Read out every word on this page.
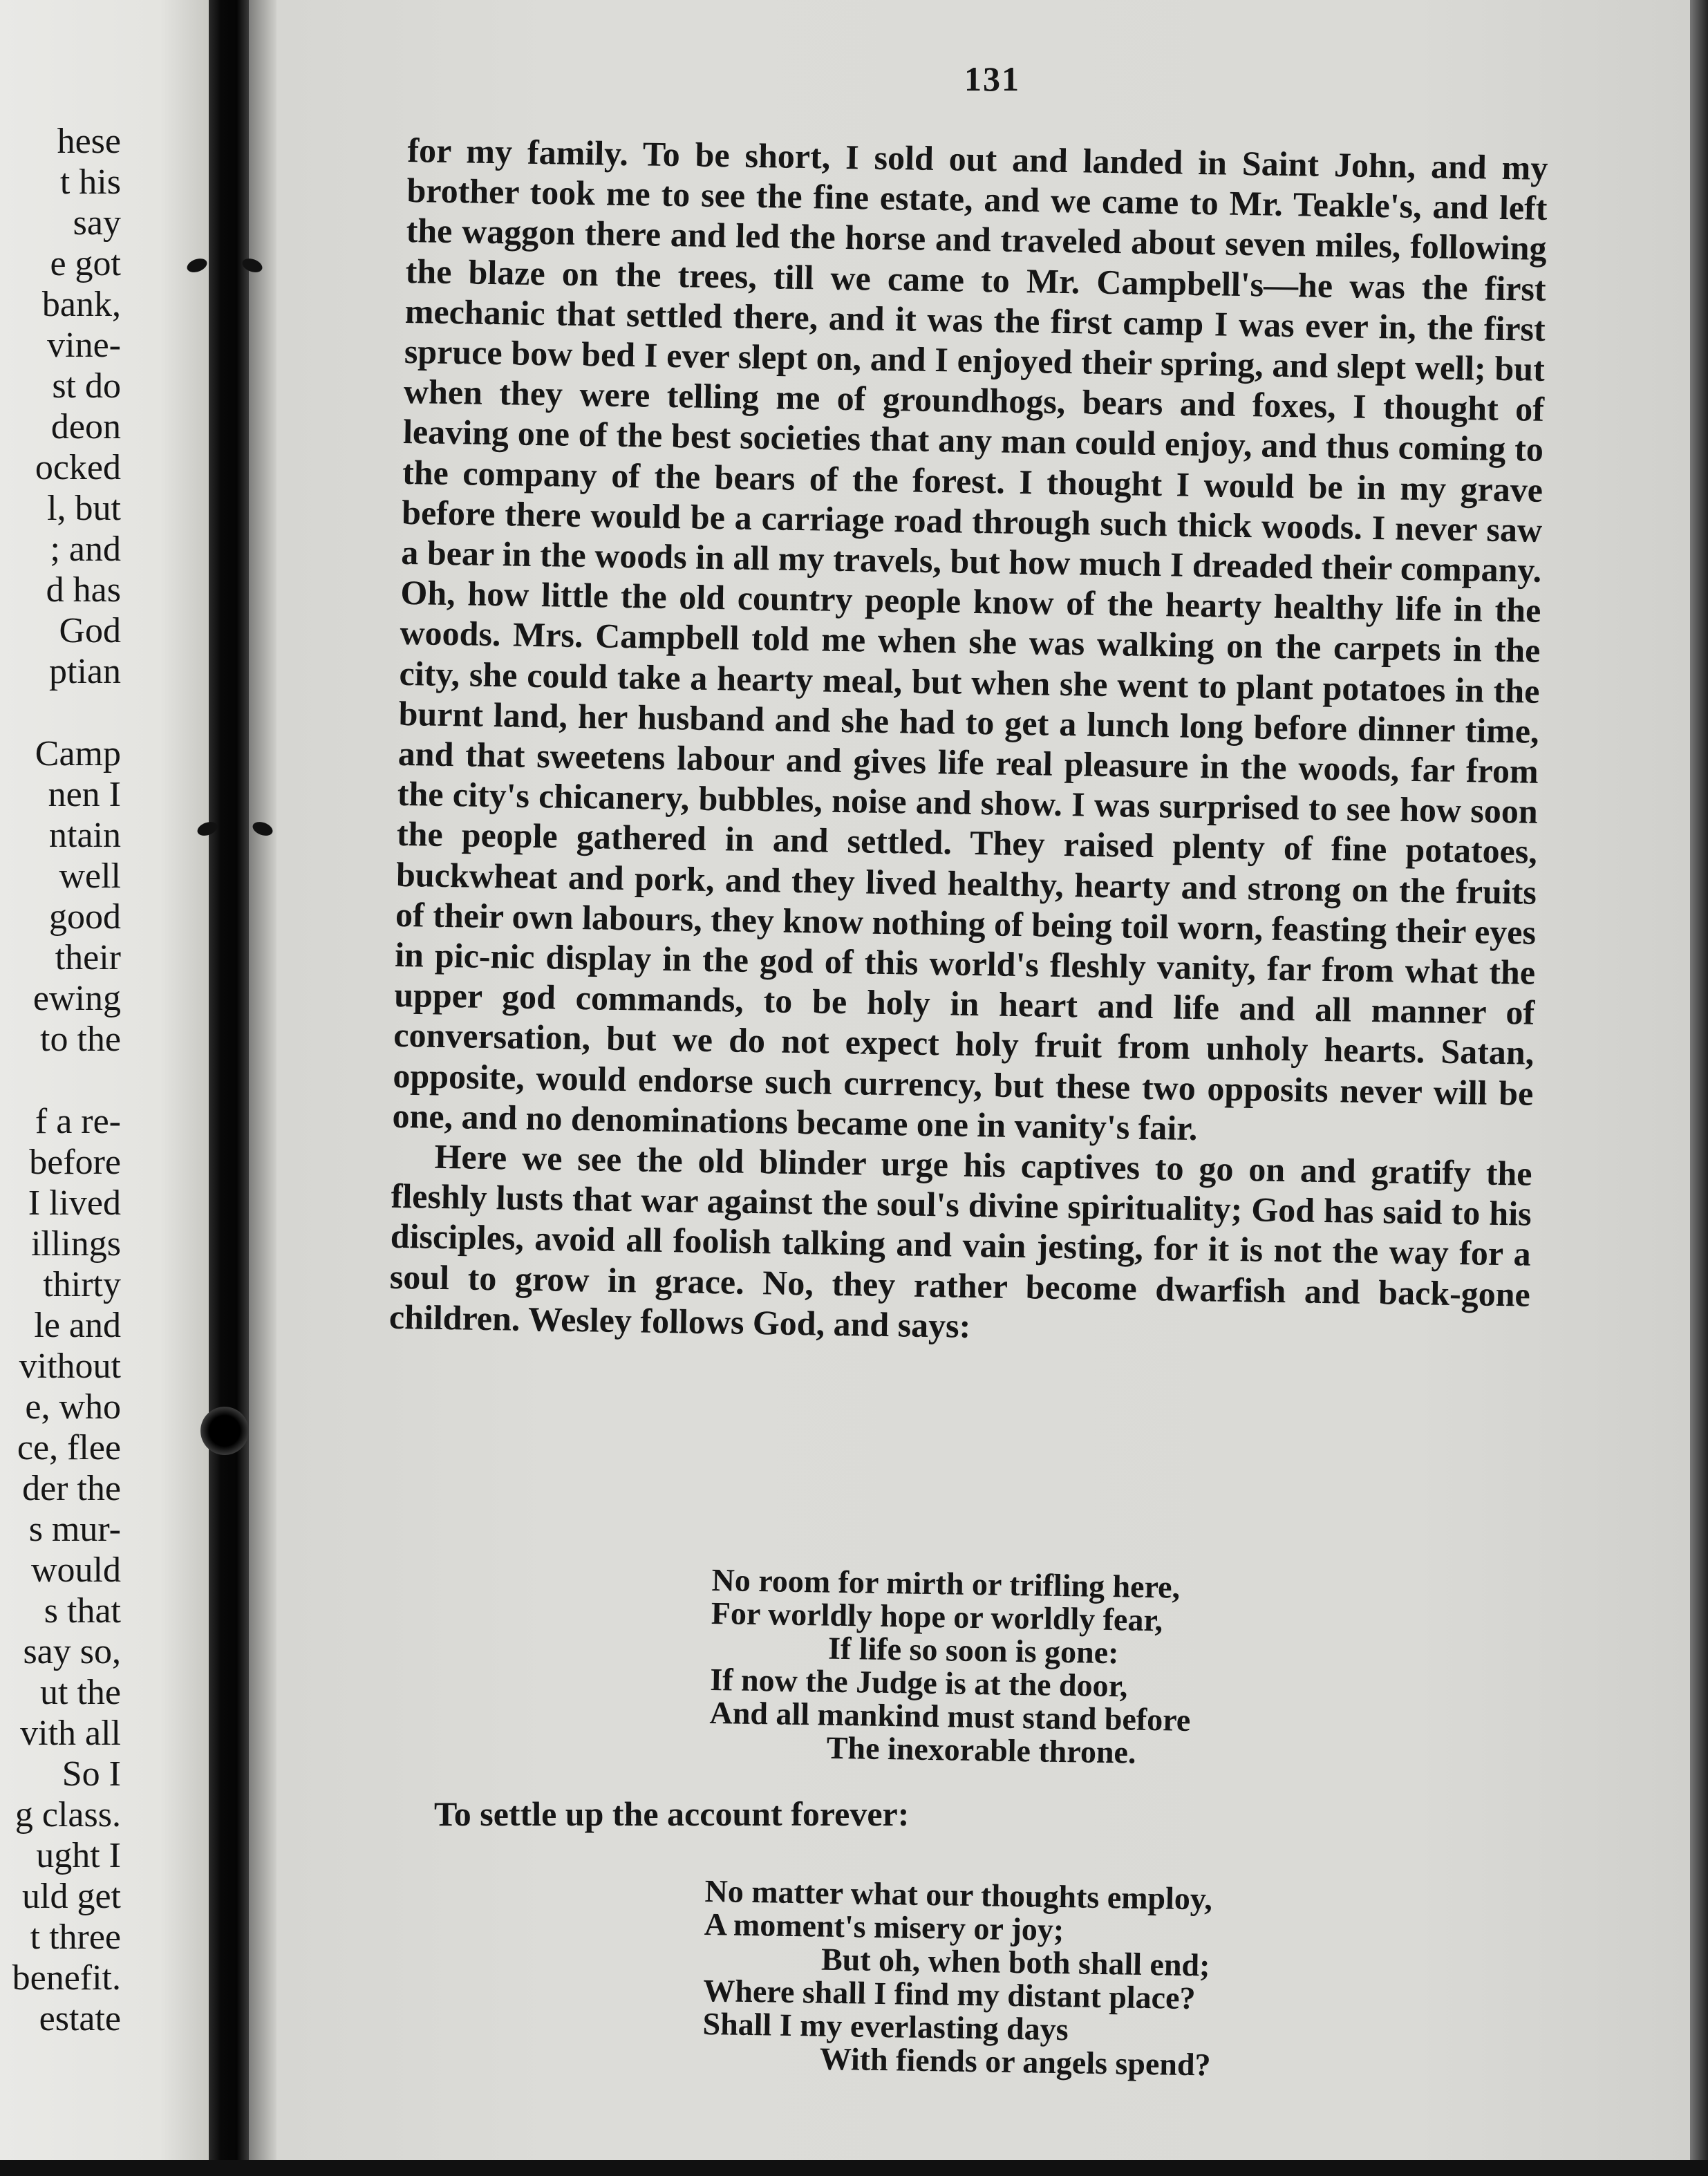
hese
t his
say
e got
bank,
vine-
st do
deon
ocked
l, but
; and
d has
God
ptian
Camp
nen I
ntain
well
good
their
ewing
to the
f a re-
before
I lived
illings
thirty
le and
vithout
e, who
ce, flee
der the
s mur-
would
s that
say so,
ut the
vith all
So I
g class.
ught I
uld get
t three
benefit.
estate
131

for my family. To be short, I sold out and landed in Saint John, and my brother took me to see the fine estate, and we came to Mr. Teakle's, and left the waggon there and led the horse and traveled about seven miles, following the blaze on the trees, till we came to Mr. Campbell's—he was the first mechanic that settled there, and it was the first camp I was ever in, the first spruce bow bed I ever slept on, and I enjoyed their spring, and slept well; but when they were telling me of groundhogs, bears and foxes, I thought of leaving one of the best societies that any man could enjoy, and thus coming to the company of the bears of the forest. I thought I would be in my grave before there would be a carriage road through such thick woods. I never saw a bear in the woods in all my travels, but how much I dreaded their company. Oh, how little the old country people know of the hearty healthy life in the woods. Mrs. Campbell told me when she was walking on the carpets in the city, she could take a hearty meal, but when she went to plant potatoes in the burnt land, her husband and she had to get a lunch long before dinner time, and that sweetens labour and gives life real pleasure in the woods, far from the city's chicanery, bubbles, noise and show. I was surprised to see how soon the people gathered in and settled. They raised plenty of fine potatoes, buckwheat and pork, and they lived healthy, hearty and strong on the fruits of their own labours, they know nothing of being toil worn, feasting their eyes in pic-nic display in the god of this world's fleshly vanity, far from what the upper god commands, to be holy in heart and life and all manner of conversation, but we do not expect holy fruit from unholy hearts. Satan, opposite, would endorse such currency, but these two opposits never will be one, and no denominations became one in vanity's fair.

Here we see the old blinder urge his captives to go on and gratify the fleshly lusts that war against the soul's divine spirituality; God has said to his disciples, avoid all foolish talking and vain jesting, for it is not the way for a soul to grow in grace. No, they rather become dwarfish and back-gone children. Wesley follows God, and says:

No room for mirth or trifling here,
For worldly hope or worldly fear,
If life so soon is gone:
If now the Judge is at the door,
And all mankind must stand before
The inexorable throne.
To settle up the account forever:
No matter what our thoughts employ,
A moment's misery or joy;
But oh, when both shall end;
Where shall I find my distant place?
Shall I my everlasting days
With fiends or angels spend?
